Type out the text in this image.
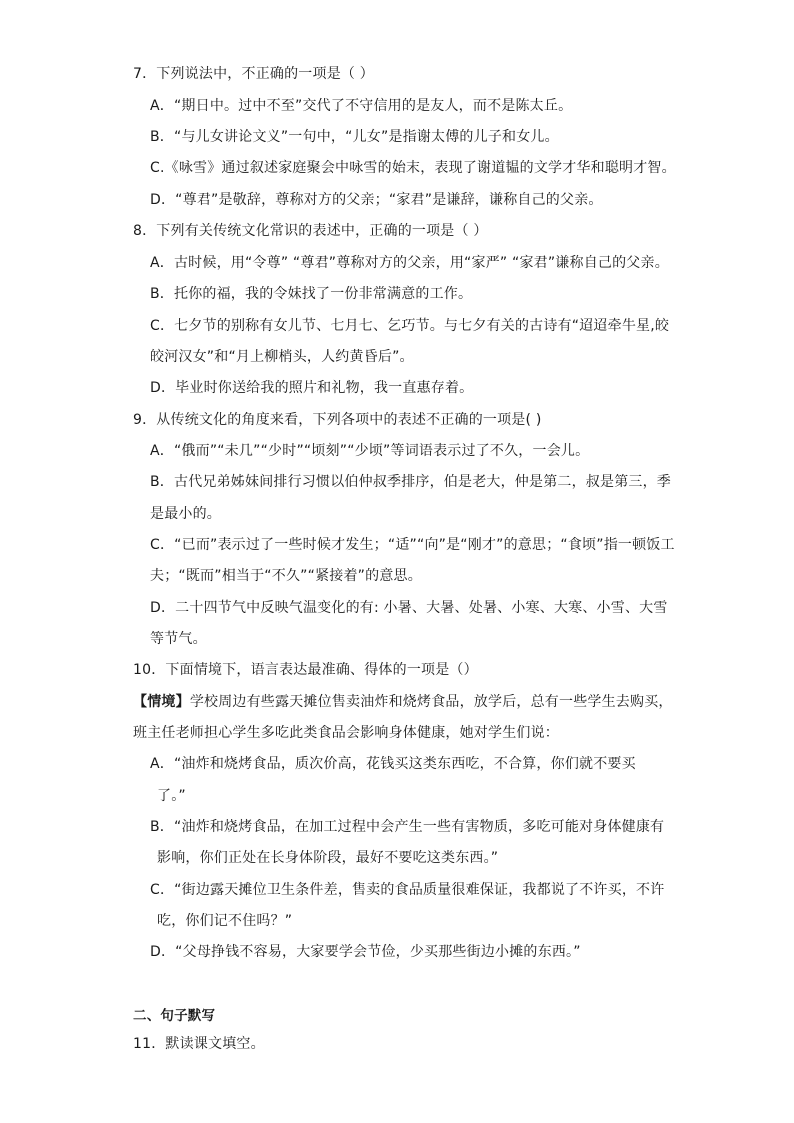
7．下列说法中，不正确的一项是（ ）
A．“期日中。过中不至”交代了不守信用的是友人，而不是陈太丘。
B．“与儿女讲论文义”一句中，“儿女”是指谢太傅的儿子和女儿。
C.《咏雪》通过叙述家庭聚会中咏雪的始末，表现了谢道韫的文学才华和聪明才智。
D．“尊君”是敬辞，尊称对方的父亲；“家君”是谦辞，谦称自己的父亲。
8．下列有关传统文化常识的表述中，正确的一项是（ ）
A．古时候，用“令尊” “尊君”尊称对方的父亲，用“家严” “家君”谦称自己的父亲。
B．托你的福，我的令妹找了一份非常满意的工作。
C．七夕节的别称有女儿节、七月七、乞巧节。与七夕有关的古诗有“迢迢牵牛星,皎
皎河汉女”和“月上柳梢头，人约黄昏后”。
D．毕业时你送给我的照片和礼物，我一直惠存着。
9．从传统文化的角度来看，下列各项中的表述不正确的一项是( )
A．“俄而”“未几”“少时”“顷刻”“少顷”等词语表示过了不久，一会儿。
B．古代兄弟姊妹间排行习惯以伯仲叔季排序，伯是老大，仲是第二，叔是第三，季
是最小的。
C．“已而”表示过了一些时候才发生；“适”“向”是“刚才”的意思；“食顷”指一顿饭工
夫；“既而”相当于“不久”“紧接着”的意思。
D．二十四节气中反映气温变化的有: 小暑、大暑、处暑、小寒、大寒、小雪、大雪
等节气。
10．下面情境下，语言表达最准确、得体的一项是（）
【情境】学校周边有些露天摊位售卖油炸和烧烤食品，放学后，总有一些学生去购买，
班主任老师担心学生多吃此类食品会影响身体健康，她对学生们说：
A．“油炸和烧烤食品，质次价高，花钱买这类东西吃，不合算，你们就不要买
了。”
B．“油炸和烧烤食品，在加工过程中会产生一些有害物质，多吃可能对身体健康有
影响，你们正处在长身体阶段，最好不要吃这类东西。”
C．“街边露天摊位卫生条件差，售卖的食品质量很难保证，我都说了不许买，不许
吃，你们记不住吗？”
D．“父母挣钱不容易，大家要学会节俭，少买那些街边小摊的东西。”
二、句子默写
11．默读课文填空。
